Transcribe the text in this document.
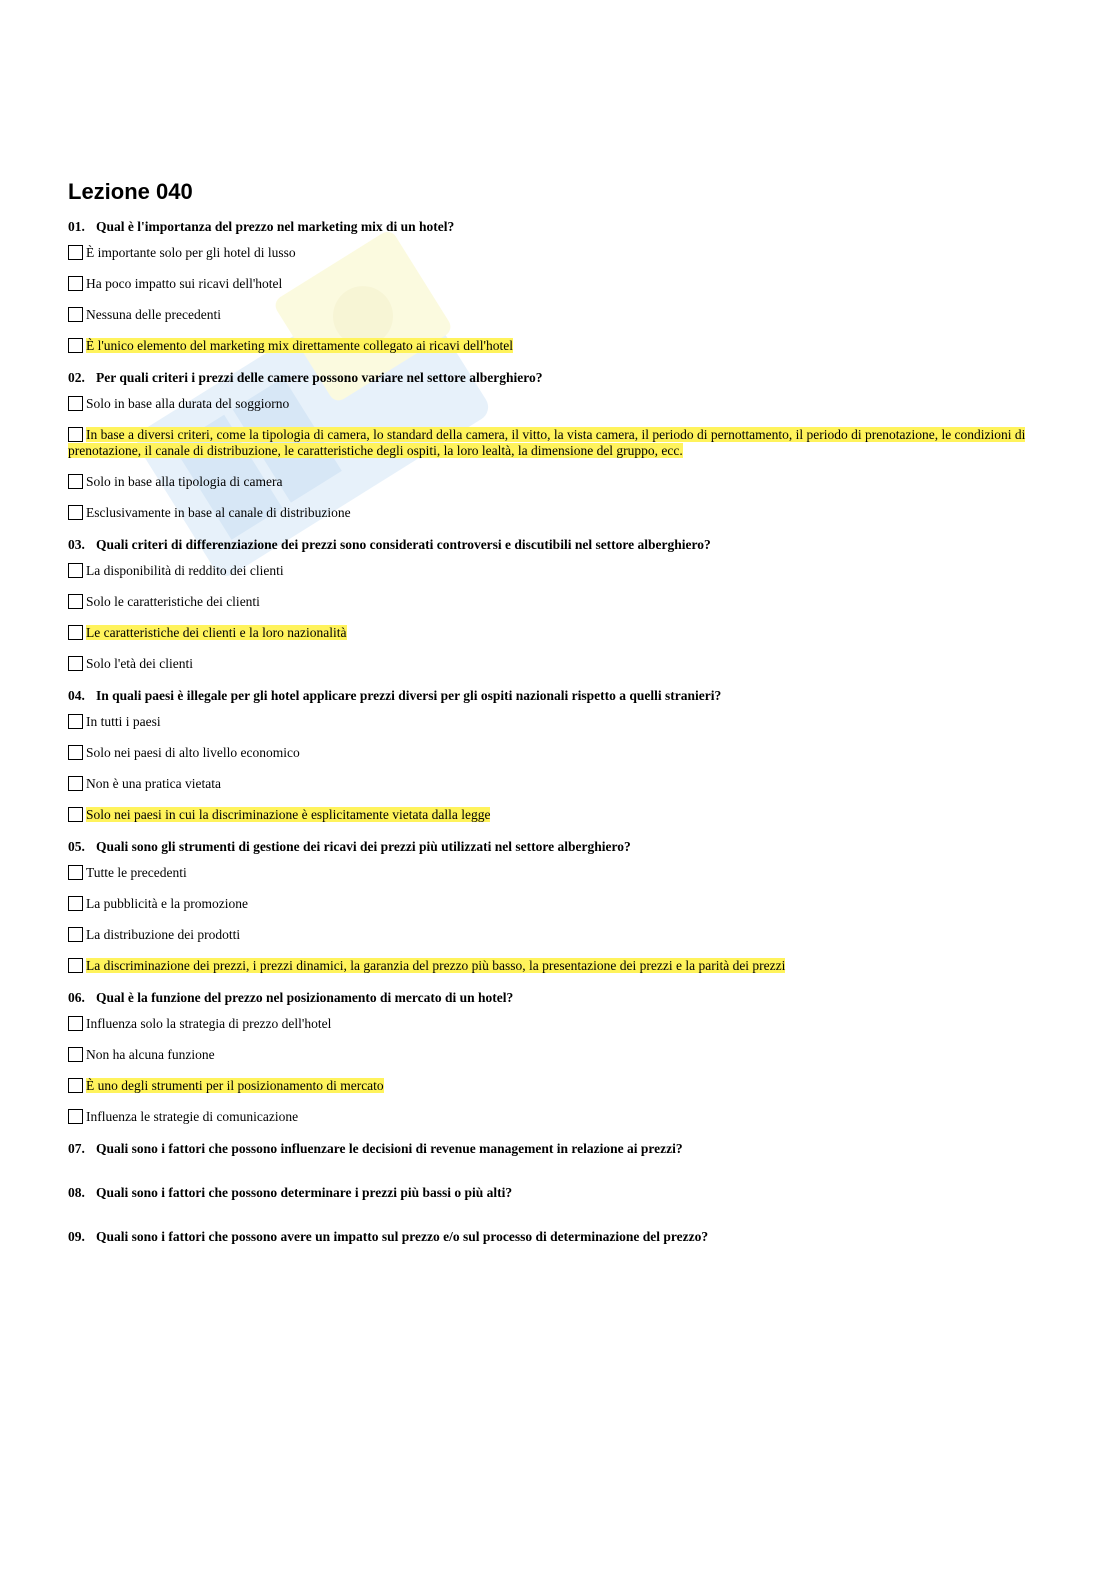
Lezione 040

01. Qual è l'importanza del prezzo nel marketing mix di un hotel?

È importante solo per gli hotel di lusso
Ha poco impatto sui ricavi dell'hotel
Nessuna delle precedenti
È l'unico elemento del marketing mix direttamente collegato ai ricavi dell'hotel

02. Per quali criteri i prezzi delle camere possono variare nel settore alberghiero?

Solo in base alla durata del soggiorno
In base a diversi criteri, come la tipologia di camera, lo standard della camera, il vitto, la vista camera, il periodo di pernottamento, il periodo di prenotazione, le condizioni di prenotazione, il canale di distribuzione, le caratteristiche degli ospiti, la loro lealtà, la dimensione del gruppo, ecc.
Solo in base alla tipologia di camera
Esclusivamente in base al canale di distribuzione

03. Quali criteri di differenziazione dei prezzi sono considerati controversi e discutibili nel settore alberghiero?

La disponibilità di reddito dei clienti
Solo le caratteristiche dei clienti
Le caratteristiche dei clienti e la loro nazionalità
Solo l'età dei clienti

04. In quali paesi è illegale per gli hotel applicare prezzi diversi per gli ospiti nazionali rispetto a quelli stranieri?

In tutti i paesi
Solo nei paesi di alto livello economico
Non è una pratica vietata
Solo nei paesi in cui la discriminazione è esplicitamente vietata dalla legge

05. Quali sono gli strumenti di gestione dei ricavi dei prezzi più utilizzati nel settore alberghiero?

Tutte le precedenti
La pubblicità e la promozione
La distribuzione dei prodotti
La discriminazione dei prezzi, i prezzi dinamici, la garanzia del prezzo più basso, la presentazione dei prezzi e la parità dei prezzi

06. Qual è la funzione del prezzo nel posizionamento di mercato di un hotel?

Influenza solo la strategia di prezzo dell'hotel
Non ha alcuna funzione
È uno degli strumenti per il posizionamento di mercato
Influenza le strategie di comunicazione

07. Quali sono i fattori che possono influenzare le decisioni di revenue management in relazione ai prezzi?

08. Quali sono i fattori che possono determinare i prezzi più bassi o più alti?

09. Quali sono i fattori che possono avere un impatto sul prezzo e/o sul processo di determinazione del prezzo?
